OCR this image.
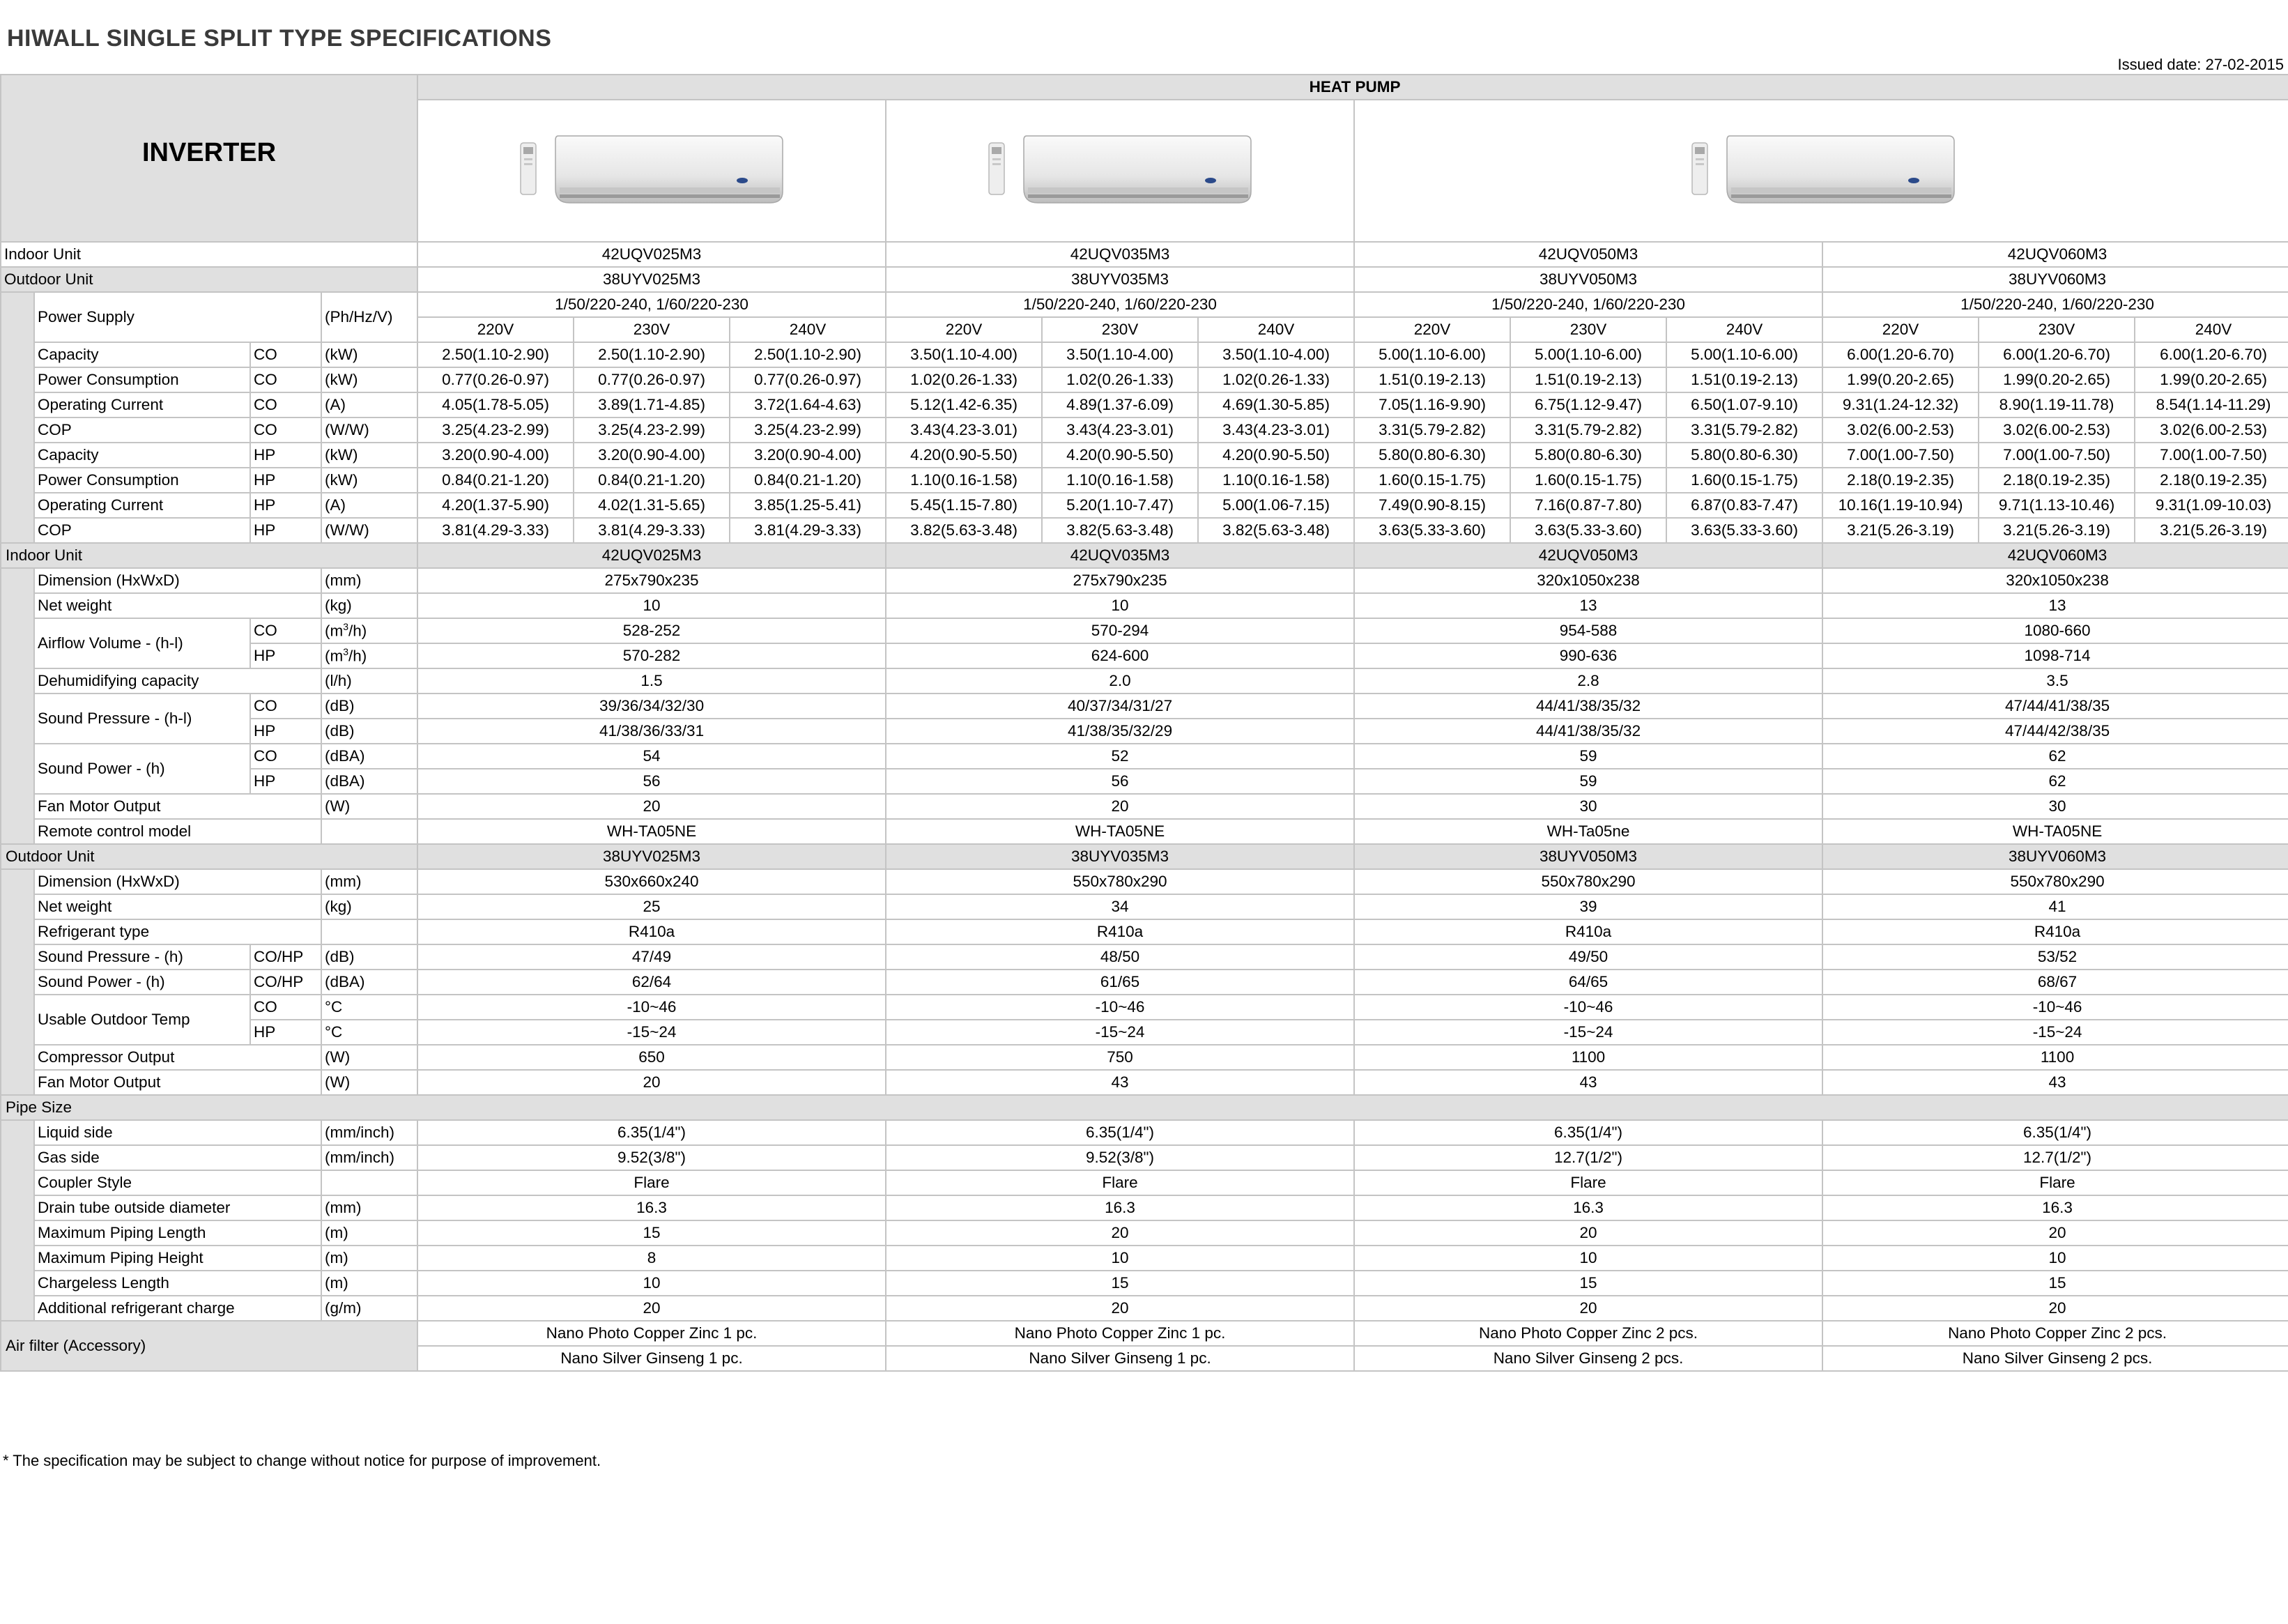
HIWALL SINGLE SPLIT TYPE SPECIFICATIONS
Issued date: 27-02-2015
INVERTER				HEAT PUMP											

Indoor Unit				42UQV025M3			42UQV035M3			42UQV050M3			42UQV060M3		
Outdoor Unit				38UYV025M3			38UYV035M3			38UYV050M3			38UYV060M3		
	Power Supply		(Ph/Hz/V)	1/50/220-240, 1/60/220-230			1/50/220-240, 1/60/220-230			1/50/220-240, 1/60/220-230			1/50/220-240, 1/60/220-230		
				220V	230V	240V	220V	230V	240V	220V	230V	240V	220V	230V	240V
	Capacity	CO	(kW)	2.50(1.10-2.90)	2.50(1.10-2.90)	2.50(1.10-2.90)	3.50(1.10-4.00)	3.50(1.10-4.00)	3.50(1.10-4.00)	5.00(1.10-6.00)	5.00(1.10-6.00)	5.00(1.10-6.00)	6.00(1.20-6.70)	6.00(1.20-6.70)	6.00(1.20-6.70)
	Power Consumption	CO	(kW)	0.77(0.26-0.97)	0.77(0.26-0.97)	0.77(0.26-0.97)	1.02(0.26-1.33)	1.02(0.26-1.33)	1.02(0.26-1.33)	1.51(0.19-2.13)	1.51(0.19-2.13)	1.51(0.19-2.13)	1.99(0.20-2.65)	1.99(0.20-2.65)	1.99(0.20-2.65)
	Operating Current	CO	(A)	4.05(1.78-5.05)	3.89(1.71-4.85)	3.72(1.64-4.63)	5.12(1.42-6.35)	4.89(1.37-6.09)	4.69(1.30-5.85)	7.05(1.16-9.90)	6.75(1.12-9.47)	6.50(1.07-9.10)	9.31(1.24-12.32)	8.90(1.19-11.78)	8.54(1.14-11.29)
	COP	CO	(W/W)	3.25(4.23-2.99)	3.25(4.23-2.99)	3.25(4.23-2.99)	3.43(4.23-3.01)	3.43(4.23-3.01)	3.43(4.23-3.01)	3.31(5.79-2.82)	3.31(5.79-2.82)	3.31(5.79-2.82)	3.02(6.00-2.53)	3.02(6.00-2.53)	3.02(6.00-2.53)
	Capacity	HP	(kW)	3.20(0.90-4.00)	3.20(0.90-4.00)	3.20(0.90-4.00)	4.20(0.90-5.50)	4.20(0.90-5.50)	4.20(0.90-5.50)	5.80(0.80-6.30)	5.80(0.80-6.30)	5.80(0.80-6.30)	7.00(1.00-7.50)	7.00(1.00-7.50)	7.00(1.00-7.50)
	Power Consumption	HP	(kW)	0.84(0.21-1.20)	0.84(0.21-1.20)	0.84(0.21-1.20)	1.10(0.16-1.58)	1.10(0.16-1.58)	1.10(0.16-1.58)	1.60(0.15-1.75)	1.60(0.15-1.75)	1.60(0.15-1.75)	2.18(0.19-2.35)	2.18(0.19-2.35)	2.18(0.19-2.35)
	Operating Current	HP	(A)	4.20(1.37-5.90)	4.02(1.31-5.65)	3.85(1.25-5.41)	5.45(1.15-7.80)	5.20(1.10-7.47)	5.00(1.06-7.15)	7.49(0.90-8.15)	7.16(0.87-7.80)	6.87(0.83-7.47)	10.16(1.19-10.94)	9.71(1.13-10.46)	9.31(1.09-10.03)
	COP	HP	(W/W)	3.81(4.29-3.33)	3.81(4.29-3.33)	3.81(4.29-3.33)	3.82(5.63-3.48)	3.82(5.63-3.48)	3.82(5.63-3.48)	3.63(5.33-3.60)	3.63(5.33-3.60)	3.63(5.33-3.60)	3.21(5.26-3.19)	3.21(5.26-3.19)	3.21(5.26-3.19)
Indoor Unit				42UQV025M3			42UQV035M3			42UQV050M3			42UQV060M3		
	Dimension (HxWxD)		(mm)	275x790x235			275x790x235			320x1050x238			320x1050x238		
	Net weight		(kg)	10			10			13			13		
	Airflow Volume - (h-l)	CO	$(m^3/h)$	528-252			570-294			954-588			1080-660		
		HP	$(m^3/h)$	570-282			624-600			990-636			1098-714		
	Dehumidifying capacity		(l/h)	1.5			2.0			2.8			3.5		
	Sound Pressure - (h-l)	CO	(dB)	39/36/34/32/30			40/37/34/31/27			44/41/38/35/32			47/44/41/38/35		
		HP	(dB)	41/38/36/33/31			41/38/35/32/29			44/41/38/35/32			47/44/42/38/35		
	Sound Power - (h)	CO	(dBA)	54			52			59			62		
		HP	(dBA)	56			56			59			62		
	Fan Motor Output		(W)	20			20			30			30		
	Remote control model			WH-TA05NE			WH-TA05NE			WH-Ta05ne			WH-TA05NE		
Outdoor Unit				38UYV025M3			38UYV035M3			38UYV050M3			38UYV060M3		
	Dimension (HxWxD)		(mm)	530x660x240			550x780x290			550x780x290			550x780x290		
	Net weight		(kg)	25			34			39			41		
	Refrigerant type			R410a			R410a			R410a			R410a		
	Sound Pressure - (h)	CO/HP	(dB)	47/49			48/50			49/50			53/52		
	Sound Power - (h)	CO/HP	(dBA)	62/64			61/65			64/65			68/67		
	Usable Outdoor Temp	CO	°C	-10~46			-10~46			-10~46			-10~46		
		HP	°C	-15~24			-15~24			-15~24			-15~24		
	Compressor Output		(W)	650			750			1100			1100		
	Fan Motor Output		(W)	20			43			43			43		
Pipe Size															
	Liquid side		(mm/inch)	6.35(1/4")			6.35(1/4")			6.35(1/4")			6.35(1/4")		
	Gas side		(mm/inch)	9.52(3/8")			9.52(3/8")			12.7(1/2")			12.7(1/2")		
	Coupler Style			Flare			Flare			Flare			Flare		
	Drain tube outside diameter		(mm)	16.3			16.3			16.3			16.3		
	Maximum Piping Length		(m)	15			20			20			20		
	Maximum Piping Height		(m)	8			10			10			10		
	Chargeless Length		(m)	10			15			15			15		
	Additional refrigerant charge		(g/m)	20			20			20			20		
Air filter (Accessory)				Nano Photo Copper Zinc 1 pc.			Nano Photo Copper Zinc 1 pc.			Nano Photo Copper Zinc 2 pcs.			Nano Photo Copper Zinc 2 pcs.		
				Nano Silver Ginseng 1 pc.			Nano Silver Ginseng 1 pc.			Nano Silver Ginseng 2 pcs.			Nano Silver Ginseng 2 pcs.		
* The specification may be subject to change without notice for purpose of improvement.
